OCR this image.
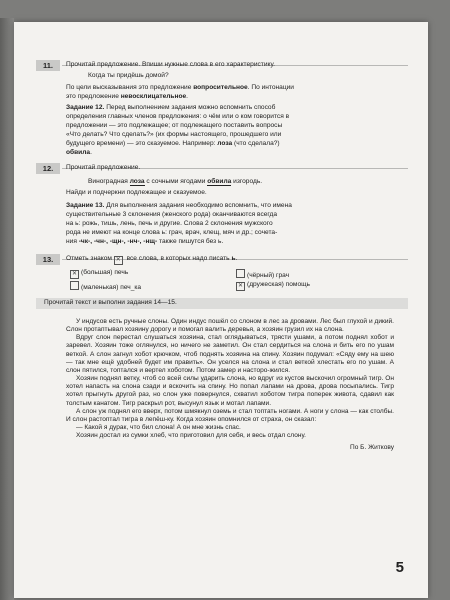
11.	Прочитай предложение. Впиши нужные слова в его характеристику.
Когда ты придёшь домой?
По цели высказывания это предложение вопросительное. По интонации
это предложение невосклицательное.
Задание 12. Перед выполнением задания можно вспомнить способ
определения главных членов предложения: о чём или о ком говорится в
предложении — это подлежащее; от подлежащего поставить вопросы
«Что делать? Что сделать?» (их формы настоящего, прошедшего или
будущего времени) — это сказуемое. Например: лоза (что сделала?)
обвила.
12.	Прочитай предложение.
Виноградная лоза с сочными ягодами обвила изгородь.
Найди и подчеркни подлежащее и сказуемое.
Задание 13. Для выполнения задания необходимо вспомнить, что имена
существительные 3 склонения (женского рода) оканчиваются всегда
на ь: рожь, тишь, лень, печь и другие. Слова 2 склонения мужского
рода не имеют на конце слова ь: грач, врач, клещ, мяч и др.; сочета-
ния -чк-, -чн-, -щн-, -нч-, -нщ- также пишутся без ь.
13.	Отметь знаком ✕ все слова, в которых надо писать ь.
✕ (большая) печь	(чёрный) грач
(маленькая) печ_ка	✕ (дружеская) помощь
Прочитай текст и выполни задания 14—15.

У индусов есть ручные слоны. Один индус пошёл со слоном в лес за дровами. Лес был глухой и дикий. Слон протаптывал хозяину дорогу и помогал валить деревья, а хозяин грузил их на слона.

Вдруг слон перестал слушаться хозяина, стал оглядываться, трясти ушами, а потом поднял хобот и заревел. Хозяин тоже оглянулся, но ничего не заметил. Он стал сердиться на слона и бить его по ушам веткой. А слон загнул хобот крючком, чтоб поднять хозяина на спину. Хозяин подумал: «Сяду ему на шею — так мне ещё удобней будет им править». Он уселся на слона и стал веткой хлестать его по ушам. А слон пятился, топтался и вертел хоботом. Потом замер и насторо-жился.

Хозяин поднял ветку, чтоб со всей силы ударить слона, но вдруг из кустов выскочил огромный тигр. Он хотел напасть на слона сзади и вскочить на спину. Но попал лапами на дрова, дрова посыпались. Тигр хотел прыгнуть другой раз, но слон уже повернулся, схватил хоботом тигра поперек живота, сдавил как толстым канатом. Тигр раскрыл рот, высунул язык и мотал лапами.

А слон уж поднял его вверх, потом шмякнул оземь и стал топтать ногами. А ноги у слона — как столбы. И слон растоптал тигра в лепёш-ку. Когда хозяин опомнился от страха, он сказал:

— Какой я дурак, что бил слона! А он мне жизнь спас.

Хозяин достал из сумки хлеб, что приготовил для себя, и весь отдал слону.

По Б. Житкову
5
